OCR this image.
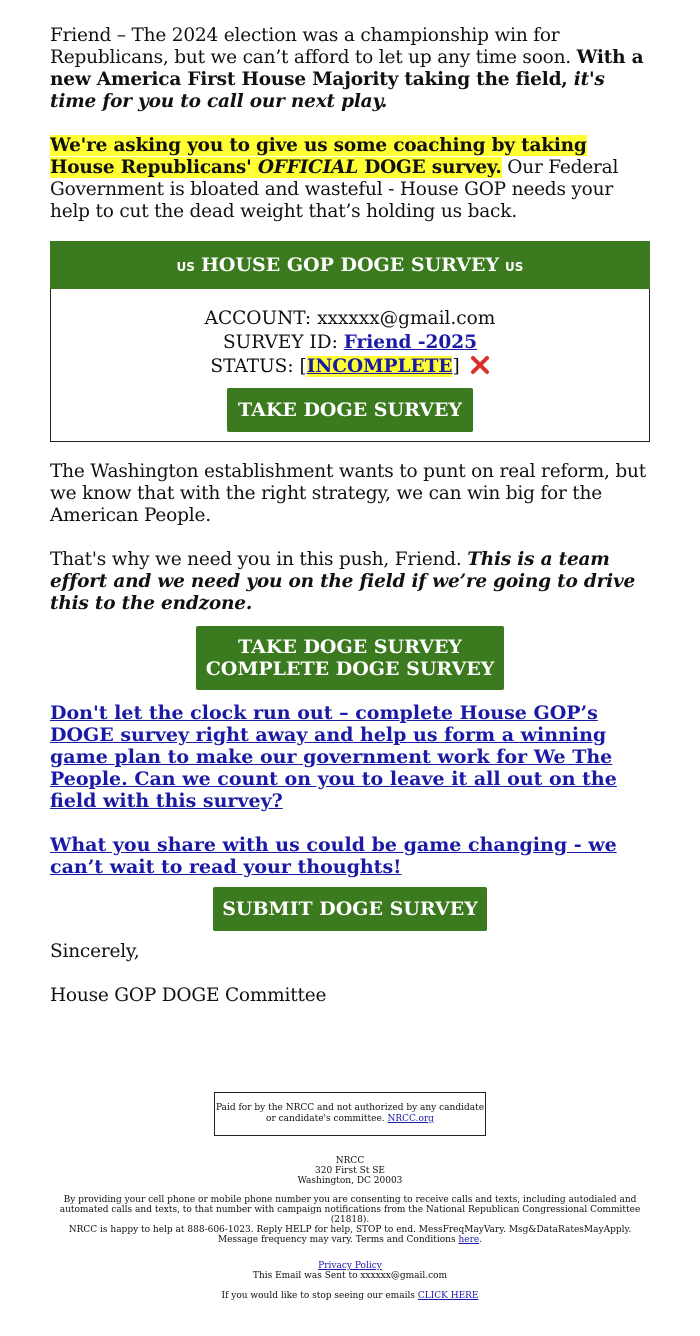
Friend – The 2024 election was a championship win for Republicans, but we can’t afford to let up any time soon. With a new America First House Majority taking the field, it's time for you to call our next play.

We're asking you to give us some coaching by taking House Republicans' OFFICIAL DOGE survey. Our Federal Government is bloated and wasteful - House GOP needs your help to cut the dead weight that’s holding us back.

US HOUSE GOP DOGE SURVEY US
ACCOUNT: xxxxxx@gmail.com
SURVEY ID: Friend -2025
STATUS: [INCOMPLETE]
TAKE DOGE SURVEY

The Washington establishment wants to punt on real reform, but we know that with the right strategy, we can win big for the American People.

That's why we need you in this push, Friend. This is a team effort and we need you on the field if we’re going to drive this to the endzone.

TAKE DOGE SURVEY
COMPLETE DOGE SURVEY
Don't let the clock run out – complete House GOP’s DOGE survey right away and help us form a winning game plan to make our government work for We The People. Can we count on you to leave it all out on the field with this survey?
What you share with us could be game changing - we can’t wait to read your thoughts!
SUBMIT DOGE SURVEY

Sincerely,

House GOP DOGE Committee

Paid for by the NRCC and not authorized by any candidate or candidate's committee. NRCC.org
NRCC
320 First St SE
Washington, DC 20003
By providing your cell phone or mobile phone number you are consenting to receive calls and texts, including autodialed and automated calls and texts, to that number with campaign notifications from the National Republican Congressional Committee (21818).
NRCC is happy to help at 888-606-1023. Reply HELP for help, STOP to end. MessFreqMayVary. Msg&DataRatesMayApply. Message frequency may vary. Terms and Conditions here.
Privacy Policy
This Email was Sent to xxxxxx@gmail.com
If you would like to stop seeing our emails CLICK HERE
